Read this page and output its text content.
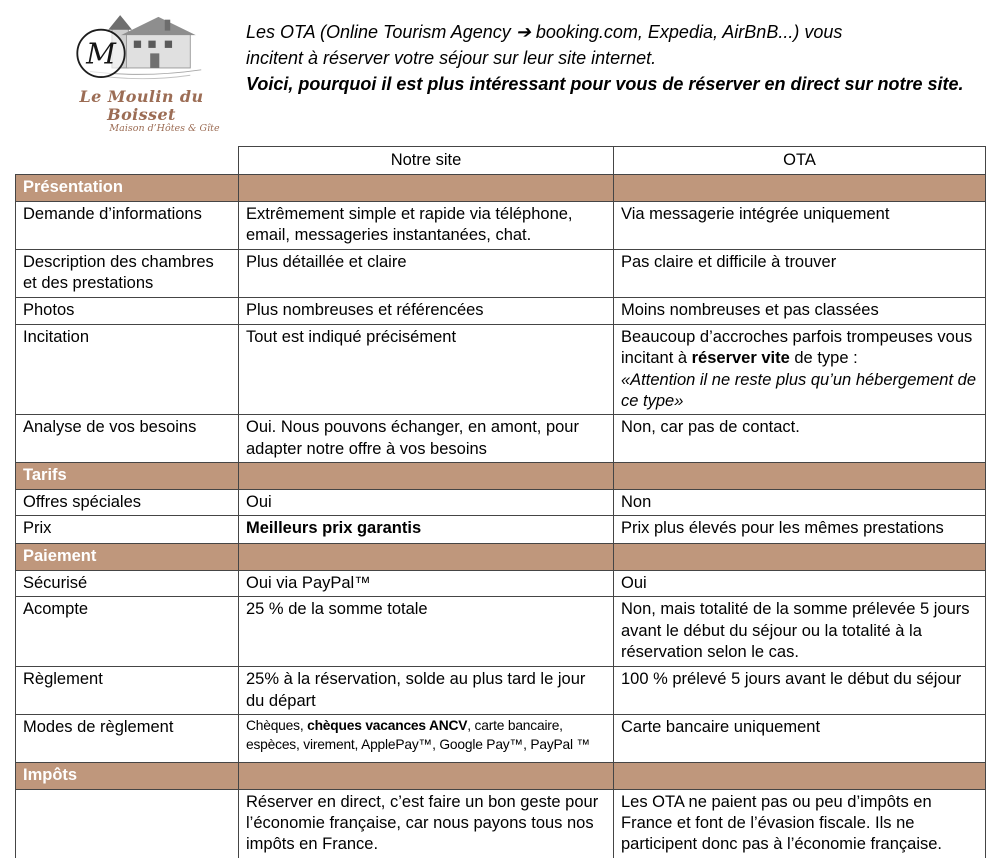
M
Le Moulin du Boisset
Maison d’Hôtes & Gîte
Les OTA (Online Tourism Agency ➔ booking.com, Expedia, AirBnB...) vous
incitent à réserver votre séjour sur leur site internet.
Voici, pourquoi il est plus intéressant pour vous de réserver en direct sur notre site.
	Notre site	OTA
Présentation		
Demande d’informations	Extrêmement simple et rapide via téléphone, email, messageries instantanées, chat.	Via messagerie intégrée uniquement
Description des chambres et des prestations	Plus détaillée et claire	Pas claire et difficile à trouver
Photos	Plus nombreuses et référencées	Moins nombreuses et pas classées
Incitation	Tout est indiqué précisément	Beaucoup d’accroches parfois trompeuses vous incitant à réserver vite de type :
«Attention il ne reste plus qu’un hébergement de ce type»

Analyse de vos besoins	Oui. Nous pouvons échanger, en amont, pour adapter notre offre à vos besoins	Non, car pas de contact.
Tarifs		
Offres spéciales	Oui	Non
Prix	Meilleurs prix garantis	Prix plus élevés pour les mêmes prestations
Paiement		
Sécurisé	Oui via PayPal™	Oui
Acompte	25 % de la somme totale	Non, mais totalité de la somme prélevée 5 jours avant le début du séjour ou la totalité à la réservation selon le cas.
Règlement	25% à la réservation, solde au plus tard le jour du départ	100 % prélevé 5 jours avant le début du séjour
Modes de règlement	Chèques, chèques vacances ANCV, carte bancaire, espèces, virement, ApplePay™, Google Pay™, PayPal ™	Carte bancaire uniquement
Impôts		
	Réserver en direct, c’est faire un bon geste pour l’économie française, car nous payons tous nos impôts en France.	Les OTA ne paient pas ou peu d’impôts en France et font de l’évasion fiscale. Ils ne participent donc pas à l’économie française.
